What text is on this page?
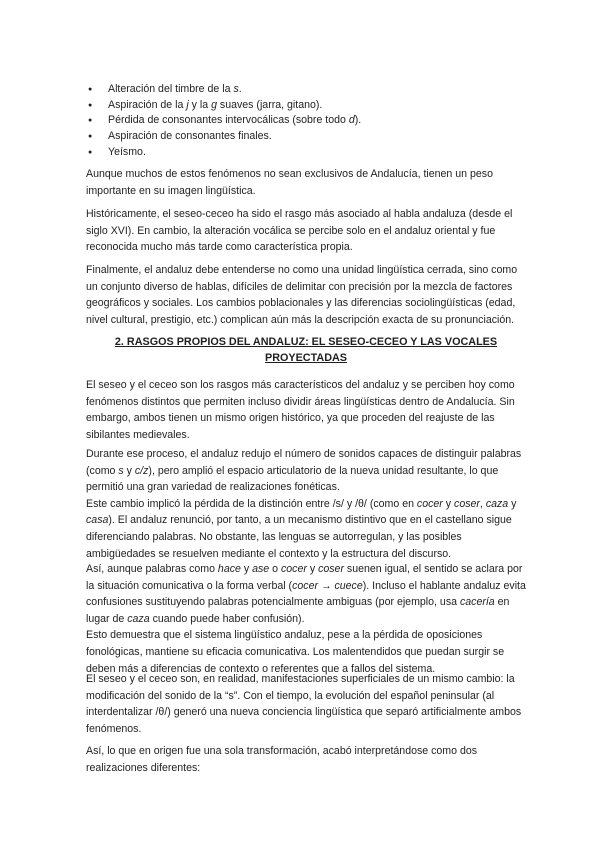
● Alteración del timbre de la s.
● Aspiración de la j y la g suaves (jarra, gitano).
● Pérdida de consonantes intervocálicas (sobre todo d).
● Aspiración de consonantes finales.
● Yeísmo.

Aunque muchos de estos fenómenos no sean exclusivos de Andalucía, tienen un peso importante en su imagen lingüística.

Históricamente, el seseo-ceceo ha sido el rasgo más asociado al habla andaluza (desde el siglo XVI). En cambio, la alteración vocálica se percibe solo en el andaluz oriental y fue reconocida mucho más tarde como característica propia.

Finalmente, el andaluz debe entenderse no como una unidad lingüística cerrada, sino como un conjunto diverso de hablas, difíciles de delimitar con precisión por la mezcla de factores geográficos y sociales. Los cambios poblacionales y las diferencias sociolingüísticas (edad, nivel cultural, prestigio, etc.) complican aún más la descripción exacta de su pronunciación.

2. RASGOS PROPIOS DEL ANDALUZ: EL SESEO-CECEO Y LAS VOCALES PROYECTADAS

El seseo y el ceceo son los rasgos más característicos del andaluz y se perciben hoy como fenómenos distintos que permiten incluso dividir áreas lingüísticas dentro de Andalucía. Sin embargo, ambos tienen un mismo origen histórico, ya que proceden del reajuste de las sibilantes medievales.

Durante ese proceso, el andaluz redujo el número de sonidos capaces de distinguir palabras (como s y c/z), pero amplió el espacio articulatorio de la nueva unidad resultante, lo que permitió una gran variedad de realizaciones fonéticas.

Este cambio implicó la pérdida de la distinción entre /s/ y /θ/ (como en cocer y coser, caza y casa). El andaluz renunció, por tanto, a un mecanismo distintivo que en el castellano sigue diferenciando palabras. No obstante, las lenguas se autorregulan, y las posibles ambigüedades se resuelven mediante el contexto y la estructura del discurso.

Así, aunque palabras como hace y ase o cocer y coser suenen igual, el sentido se aclara por la situación comunicativa o la forma verbal (cocer → cuece). Incluso el hablante andaluz evita confusiones sustituyendo palabras potencialmente ambiguas (por ejemplo, usa cacería en lugar de caza cuando puede haber confusión).

Esto demuestra que el sistema lingüístico andaluz, pese a la pérdida de oposiciones fonológicas, mantiene su eficacia comunicativa. Los malentendidos que puedan surgir se deben más a diferencias de contexto o referentes que a fallos del sistema.

El seseo y el ceceo son, en realidad, manifestaciones superficiales de un mismo cambio: la modificación del sonido de la “s”. Con el tiempo, la evolución del español peninsular (al interdentalizar /θ/) generó una nueva conciencia lingüística que separó artificialmente ambos fenómenos.

Así, lo que en origen fue una sola transformación, acabó interpretándose como dos realizaciones diferentes:
